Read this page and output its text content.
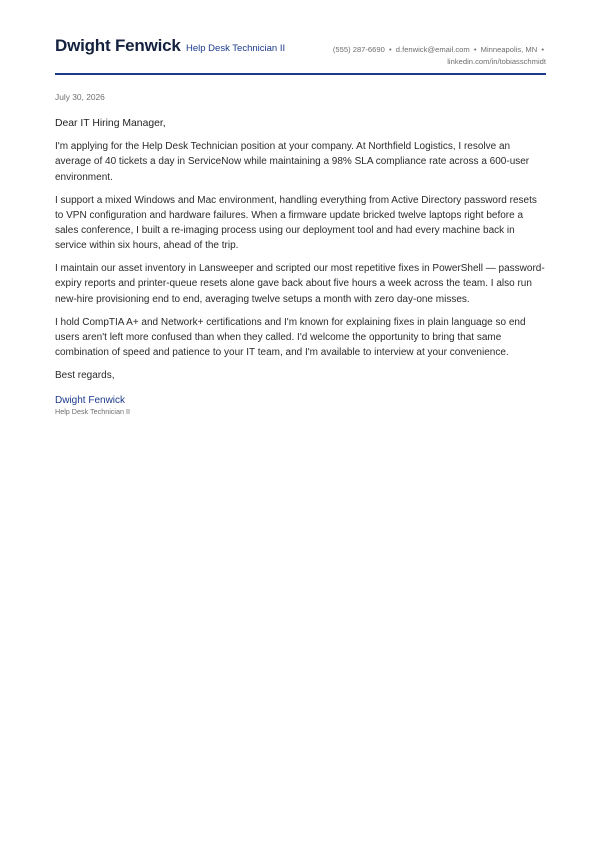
Dwight Fenwick Help Desk Technician II	(555) 287-6690 • d.fenwick@email.com • Minneapolis, MN •
linkedin.com/in/tobiasschmidt
July 30, 2026

Dear IT Hiring Manager,

I'm applying for the Help Desk Technician position at your company. At Northfield Logistics, I resolve an average of 40 tickets a day in ServiceNow while maintaining a 98% SLA compliance rate across a 600-user environment.

I support a mixed Windows and Mac environment, handling everything from Active Directory password resets to VPN configuration and hardware failures. When a firmware update bricked twelve laptops right before a sales conference, I built a re-imaging process using our deployment tool and had every machine back in service within six hours, ahead of the trip.

I maintain our asset inventory in Lansweeper and scripted our most repetitive fixes in PowerShell — password-expiry reports and printer-queue resets alone gave back about five hours a week across the team. I also run new-hire provisioning end to end, averaging twelve setups a month with zero day-one misses.

I hold CompTIA A+ and Network+ certifications and I'm known for explaining fixes in plain language so end users aren't left more confused than when they called. I'd welcome the opportunity to bring that same combination of speed and patience to your IT team, and I'm available to interview at your convenience.

Best regards,

Dwight Fenwick
Help Desk Technician II
